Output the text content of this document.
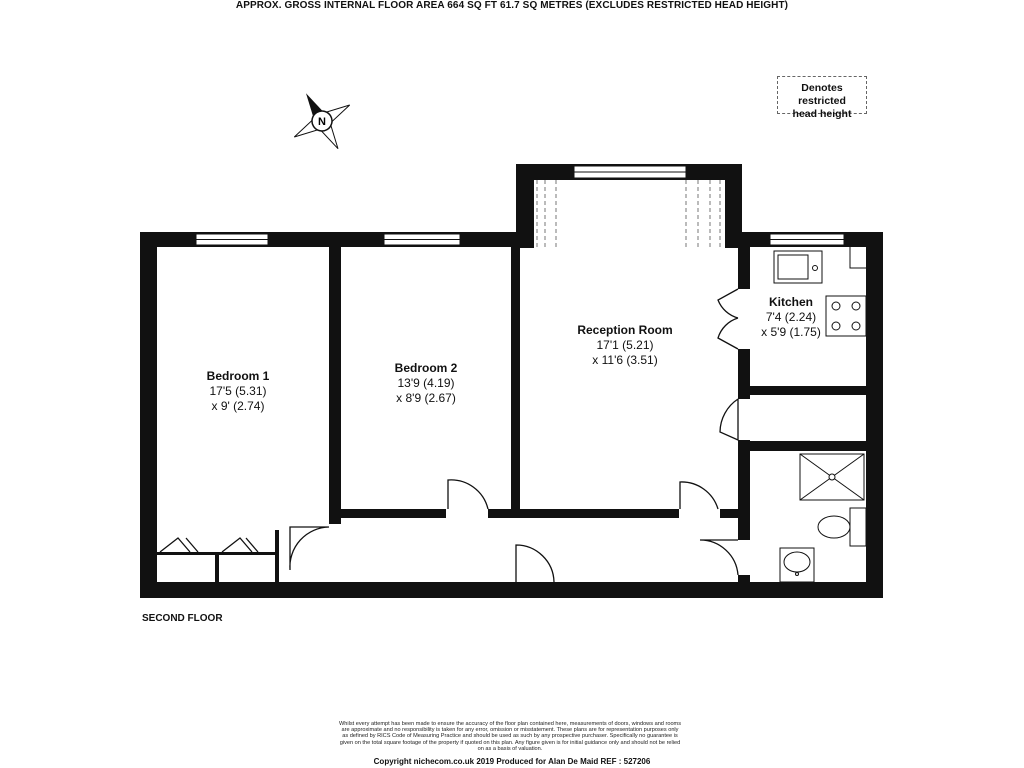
APPROX. GROSS INTERNAL FLOOR AREA 664 SQ FT 61.7 SQ METRES (EXCLUDES RESTRICTED HEAD HEIGHT)
Denotes restricted
head height
N
Bedroom 1
17'5 (5.31)
x 9' (2.74)
Bedroom 2
13'9 (4.19)
x 8'9 (2.67)
Reception Room
17'1 (5.21)
x 11'6 (3.51)
Kitchen
7'4 (2.24)
x 5'9 (1.75)
SECOND FLOOR
Whilst every attempt has been made to ensure the accuracy of the floor plan contained here, measurements of doors, windows and rooms
are approximate and no responsibility is taken for any error, omission or misstatement. These plans are for representation purposes only
as defined by RICS Code of Measuring Practice and should be used as such by any prospective purchaser. Specifically no guarantee is
given on the total square footage of the property if quoted on this plan. Any figure given is for initial guidance only and should not be relied
on as a basis of valuation.
Copyright nichecom.co.uk 2019 Produced for Alan De Maid REF : 527206
